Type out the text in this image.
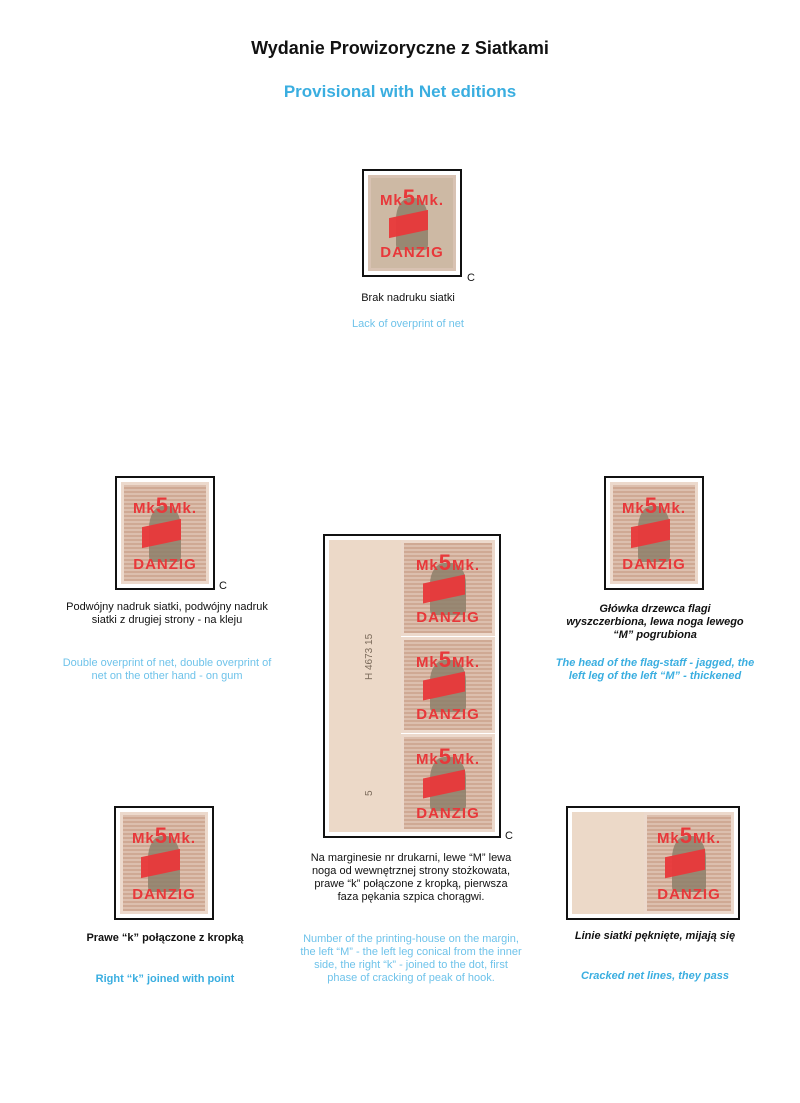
Wydanie Prowizoryczne z Siatkami
Provisional with Net editions
Mk5Mk.
DANZIG
C
Brak nadruku siatki
Lack of overprint of net
Mk5Mk.
DANZIG
C
Podwójny nadruk siatki, podwójny nadruk siatki z drugiej strony - na kleju
Double overprint of net, double overprint of net on the other hand - on gum	H 4673 15
5
Mk5Mk.
DANZIG
Mk5Mk.
DANZIG
Mk5Mk.
DANZIG
C
Na marginesie nr drukarni, lewe “M” lewa noga od wewnętrznej strony stożkowata, prawe “k” połączone z kropką, pierwsza faza pękania szpica chorągwi.
Number of the printing-house on the margin, the left “M” - the left leg conical from the inner side, the right “k” - joined to the dot, first phase of cracking of peak of hook.
Mk5Mk.
DANZIG
Główka drzewca flagi wyszczerbiona, lewa noga lewego “M” pogrubiona
The head of the flag-staff - jagged, the left leg of the left “M” - thickened
Mk5Mk.
DANZIG
Prawe “k” połączone z kropką
Right “k” joined with point
Mk5Mk.
DANZIG
Linie siatki pęknięte, mijają się
Cracked net lines, they pass
